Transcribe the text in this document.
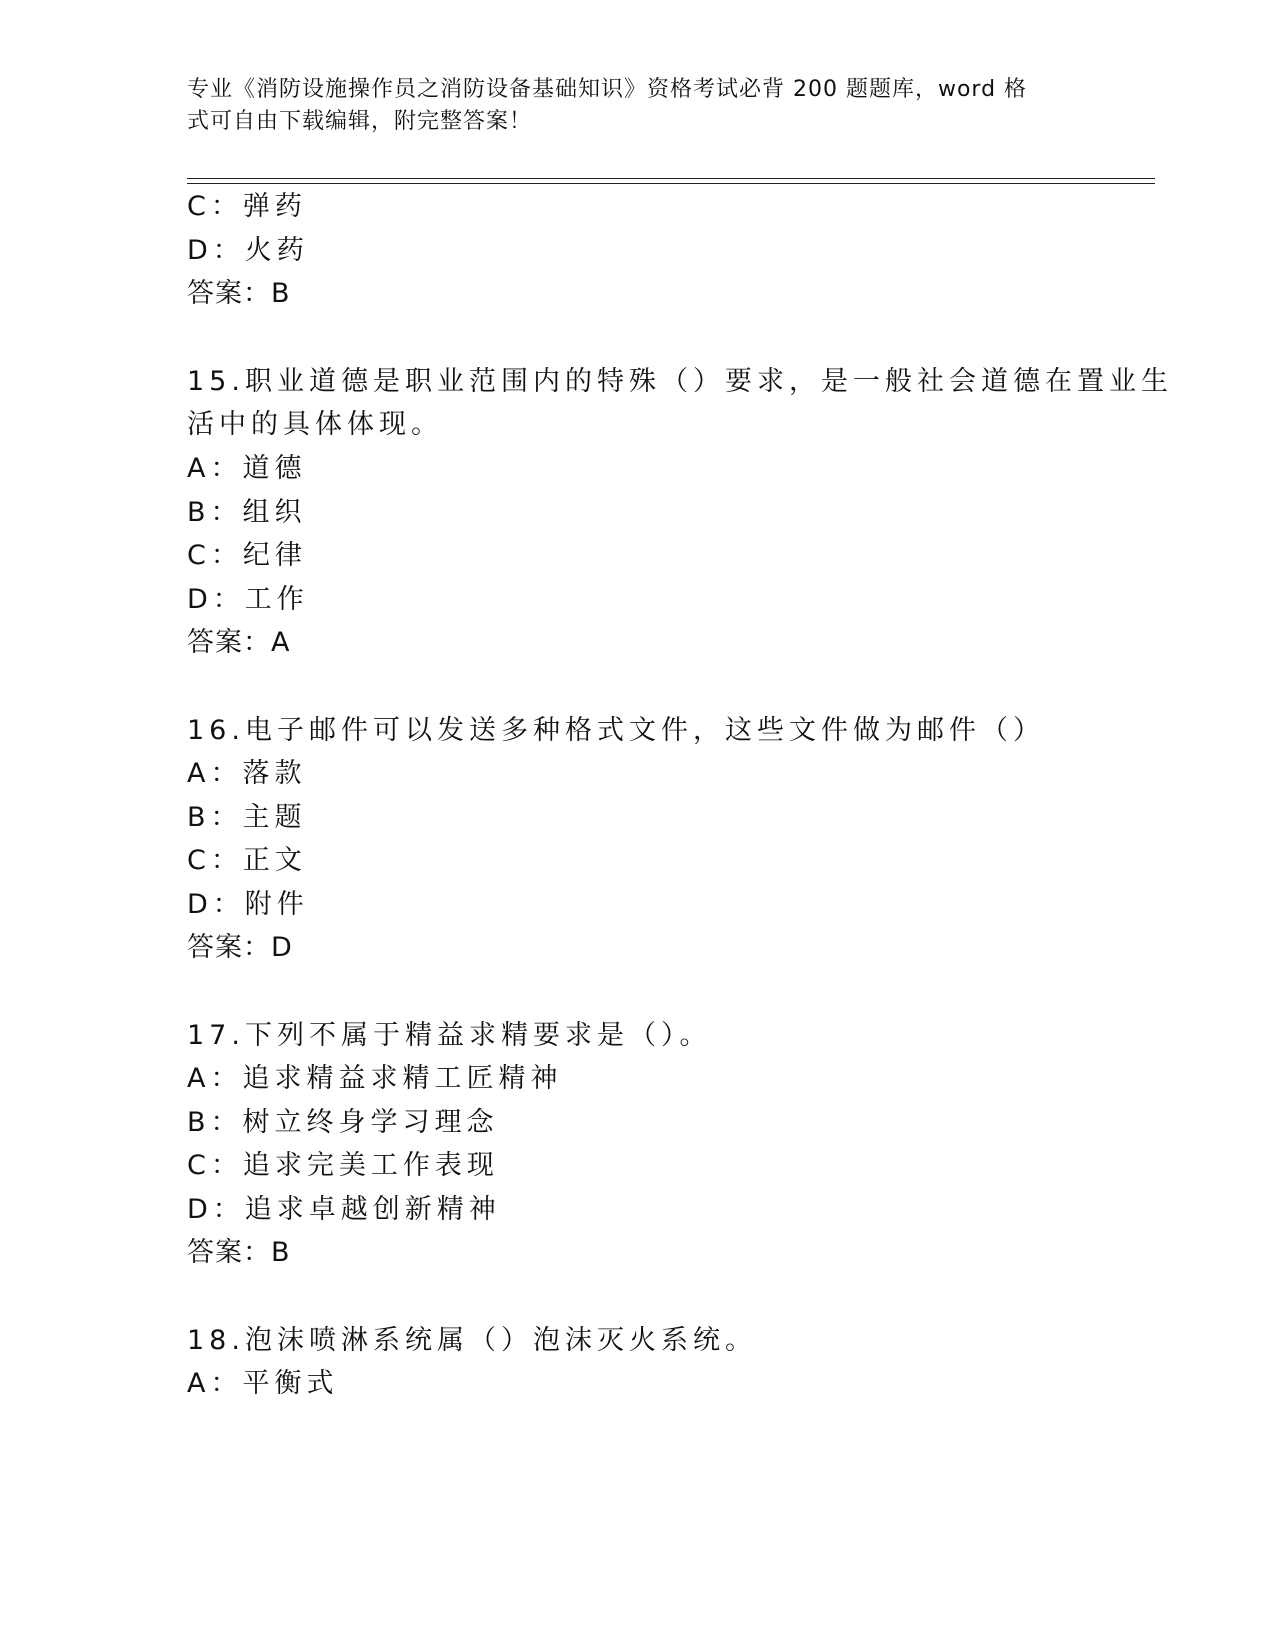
专业《消防设施操作员之消防设备基础知识》资格考试必背 200 题题库，word 格
式可自由下载编辑，附完整答案！
C：弹药
D：火药
答案：B
15.职业道德是职业范围内的特殊（）要求，是一般社会道德在置业生
活中的具体体现。
A：道德
B：组织
C：纪律
D：工作
答案：A
16.电子邮件可以发送多种格式文件，这些文件做为邮件（）
A：落款
B：主题
C：正文
D：附件
答案：D
17.下列不属于精益求精要求是（）。
A：追求精益求精工匠精神
B：树立终身学习理念
C：追求完美工作表现
D：追求卓越创新精神
答案：B
18.泡沫喷淋系统属（）泡沫灭火系统。
A：平衡式
